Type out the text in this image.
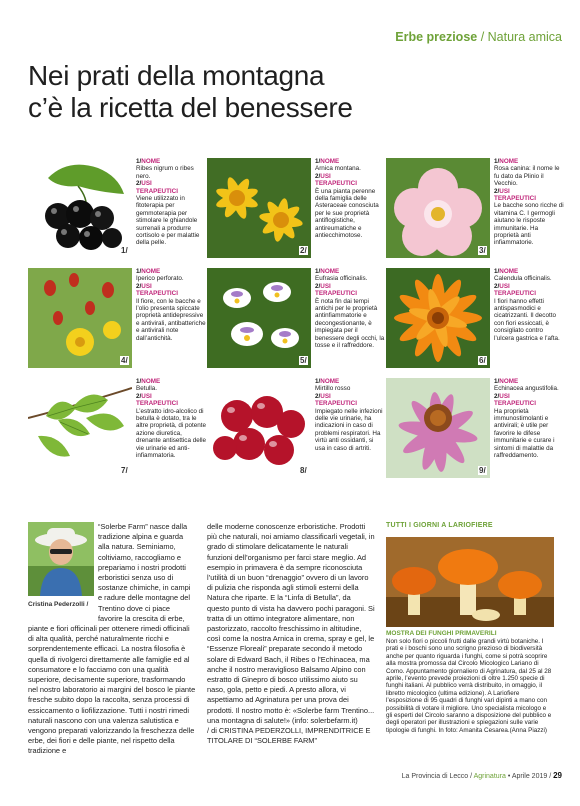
Erbe preziose / Natura amica
Nei prati della montagna
c’è la ricetta del benessere
1/

1/NOME

Ribes nigrum o ribes nero.

2/USI

TERAPEUTICI

Viene utilizzato in fitoterapia per gemmoterapia per stimolare le ghiandole surrenali a produrre cortisolo e per malattie della pelle.

2/

1/NOME

Arnica montana.

2/USI

TERAPEUTICI

È una pianta perenne della famiglia delle Asteraceae conosciuta per le sue proprietà antiflogistiche, antireumatiche e antiecchimotose.

3/

1/NOME

Rosa canina: il nome le fu dato da Plinio il Vecchio.

2/USI

TERAPEUTICI

Le bacche sono ricche di vitamina C. I germogli aiutano le risposte immunitarie. Ha proprietà anti infiammatorie.

4/

1/NOME

Iperico perforato.

2/USI

TERAPEUTICI

Il fiore, con le bacche e l’olio presenta spiccate proprietà antidepressive e antivirali, antibatteriche e antivirali note dall’antichità.

5/

1/NOME

Eufrasia officinalis.

2/USI

TERAPEUTICI

È nota fin dai tempi antichi per le proprietà antinfiammatorie e decongestionante, è impiegata per il benessere degli occhi, la tosse e il raffreddore.

6/

1/NOME

Calendula officinalis.

2/USI

TERAPEUTICI

I fiori hanno effetti antispasmodici e cicatrizzanti. Il decotto con fiori essiccati, è consigliato contro l’ulcera gastrica e l’afta.

7/

1/NOME

Betulla.

2/USI

TERAPEUTICI

L’estratto idro-alcolico di betulla è dotato, tra le altre proprietà, di potente azione diuretica, drenante antisettica delle vie urinarie ed anti-infiammatoria.

8/

1/NOME

Mirtillo rosso

2/USI

TERAPEUTICI

Impiegato nelle infezioni delle vie urinarie, ha indicazioni in caso di problemi respiratori. Ha virtù anti ossidanti, si usa in caso di artriti.

9/

1/NOME

Echinacea angustifolia.

2/USI

TERAPEUTICI

Ha proprietà immunostimolanti e antivirali; è utile per favorire le difese immunitarie e curare i sintomi di malattie da raffreddamento.

Cristina Pederzolli /

“Solerbe Farm” nasce dalla tradizione alpina e guarda alla natura. Seminiamo, coltiviamo, raccogliamo e prepariamo i nostri prodotti erboristici senza uso di sostanze chimiche, in campi e radure delle montagne del Trentino dove ci piace favorire la crescita di erbe,

piante e fiori officinali per ottenere rimedi officinali di alta qualità, perché naturalmente ricchi e sorprendentemente efficaci. La nostra filosofia è quella di rivolgerci direttamente alle famiglie ed al consumatore e lo facciamo con una qualità superiore, decisamente superiore, trasformando nel nostro laboratorio ai margini del bosco le piante fresche subito dopo la raccolta, senza processi di essiccamento o liofilizzazione. Tutti i nostri rimedi naturali nascono con una valenza salutistica e vengono preparati valorizzando la freschezza delle erbe, dei fiori e delle piante, nel rispetto della tradizione e

delle moderne conoscenze erboristiche. Prodotti più che naturali, noi amiamo classificarli vegetali, in grado di stimolare delicatamente le naturali funzioni dell’organismo per farci stare meglio. Ad esempio in primavera è da sempre riconosciuta l’utilità di un buon “drenaggio” ovvero di un lavoro di pulizia che risponda agli stimoli esterni della Natura che riparte. E la “Linfa di Betulla”, da questo punto di vista ha davvero pochi paragoni. Si tratta di un ottimo integratore alimentare, non pastorizzato, raccolto freschissimo in altitudine, così come la nostra Arnica in crema, spray e gel, le “Essenze Floreali” preparate secondo il metodo solare di Edward Bach, il Ribes o l’Echinacea, ma anche il nostro meraviglioso Balsamo Alpino con estratto di Ginepro di bosco utilissimo aiuto su naso, gola, petto e piedi. A presto allora, vi aspettiamo ad Agrinatura per una prova dei prodotti. Il nostro motto è: «Solerbe farm Trentino... una montagna di salute!» (info: solerbefarm.it)

/ di CRISTINA PEDERZOLLI, IMPRENDITRICE E TITOLARE DI “SOLERBE FARM”

TUTTI I GIORNI A LARIOFIERE
MOSTRA DEI FUNGHI PRIMAVERILI
Non solo fiori o piccoli frutti dalle grandi virtù botaniche. I prati e i boschi sono uno scrigno prezioso di biodiversità anche per quanto riguarda i funghi, come si potrà scoprire alla mostra promossa dal Circolo Micologico Lariano di Como. Appuntamento giornaliero di Agrinatura, dal 25 al 28 aprile, l’evento prevede proiezioni di oltre 1.250 specie di funghi italiani. Al pubblico verrà distribuito, in omaggio, il libretto micologico (ultima edizione). A Lariofiere l’esposizione di 95 quadri di funghi vari dipinti a mano con possibilità di votare il migliore. Uno specialista micologo e gli esperti del Circolo saranno a disposizione del pubblico e degli operatori per illustrazioni e spiegazioni sulle varie tipologie di funghi. In foto: Amanita Cesarea.(Anna Piazzi)
La Provincia di Lecco / Agrinatura • Aprile 2019 / 29
